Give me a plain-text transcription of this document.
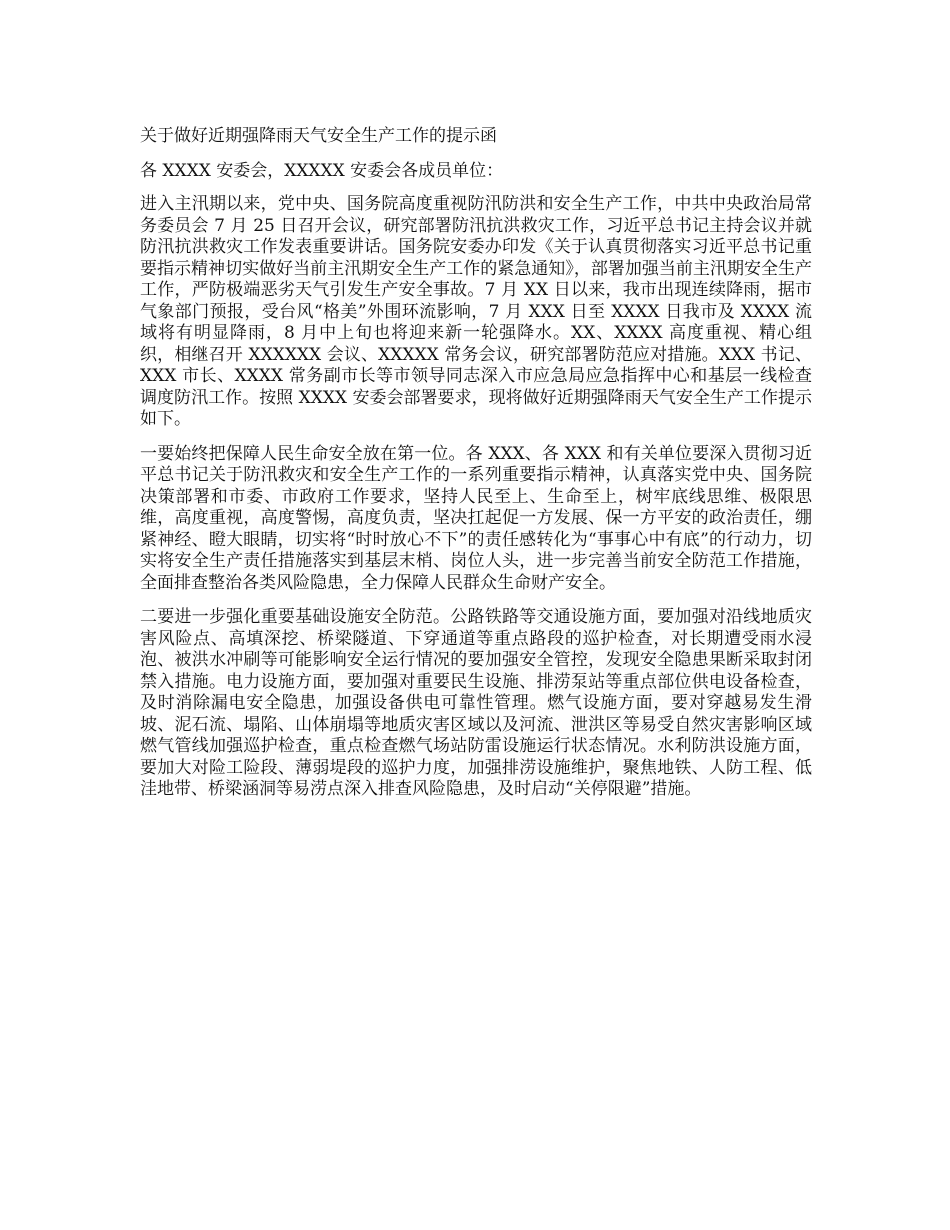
关于做好近期强降雨天气安全生产工作的提示函
各 XXXX 安委会，XXXXX 安委会各成员单位：
进入主汛期以来，党中央、国务院高度重视防汛防洪和安全生产工作，中共中央政治局常务委员会 7 月 25 日召开会议，研究部署防汛抗洪救灾工作，习近平总书记主持会议并就防汛抗洪救灾工作发表重要讲话。国务院安委办印发《关于认真贯彻落实习近平总书记重要指示精神切实做好当前主汛期安全生产工作的紧急通知》，部署加强当前主汛期安全生产工作，严防极端恶劣天气引发生产安全事故。7 月 XX 日以来，我市出现连续降雨，据市气象部门预报，受台风“格美”外围环流影响，7 月 XXX 日至 XXXX 日我市及 XXXX 流域将有明显降雨，8 月中上旬也将迎来新一轮强降水。XX、XXXX 高度重视、精心组织，相继召开 XXXXXX 会议、XXXXX 常务会议，研究部署防范应对措施。XXX 书记、XXX 市长、XXXX 常务副市长等市领导同志深入市应急局应急指挥中心和基层一线检查调度防汛工作。按照 XXXX 安委会部署要求，现将做好近期强降雨天气安全生产工作提示如下。
一要始终把保障人民生命安全放在第一位。各 XXX、各 XXX 和有关单位要深入贯彻习近平总书记关于防汛救灾和安全生产工作的一系列重要指示精神，认真落实党中央、国务院决策部署和市委、市政府工作要求，坚持人民至上、生命至上，树牢底线思维、极限思维，高度重视，高度警惕，高度负责，坚决扛起促一方发展、保一方平安的政治责任，绷紧神经、瞪大眼睛，切实将“时时放心不下”的责任感转化为“事事心中有底”的行动力，切实将安全生产责任措施落实到基层末梢、岗位人头，进一步完善当前安全防范工作措施，全面排查整治各类风险隐患，全力保障人民群众生命财产安全。
二要进一步强化重要基础设施安全防范。公路铁路等交通设施方面，要加强对沿线地质灾害风险点、高填深挖、桥梁隧道、下穿通道等重点路段的巡护检查，对长期遭受雨水浸泡、被洪水冲刷等可能影响安全运行情况的要加强安全管控，发现安全隐患果断采取封闭禁入措施。电力设施方面，要加强对重要民生设施、排涝泵站等重点部位供电设备检查，及时消除漏电安全隐患，加强设备供电可靠性管理。燃气设施方面，要对穿越易发生滑坡、泥石流、塌陷、山体崩塌等地质灾害区域以及河流、泄洪区等易受自然灾害影响区域燃气管线加强巡护检查，重点检查燃气场站防雷设施运行状态情况。水利防洪设施方面，要加大对险工险段、薄弱堤段的巡护力度，加强排涝设施维护，聚焦地铁、人防工程、低洼地带、桥梁涵洞等易涝点深入排查风险隐患，及时启动“关停限避”措施。
